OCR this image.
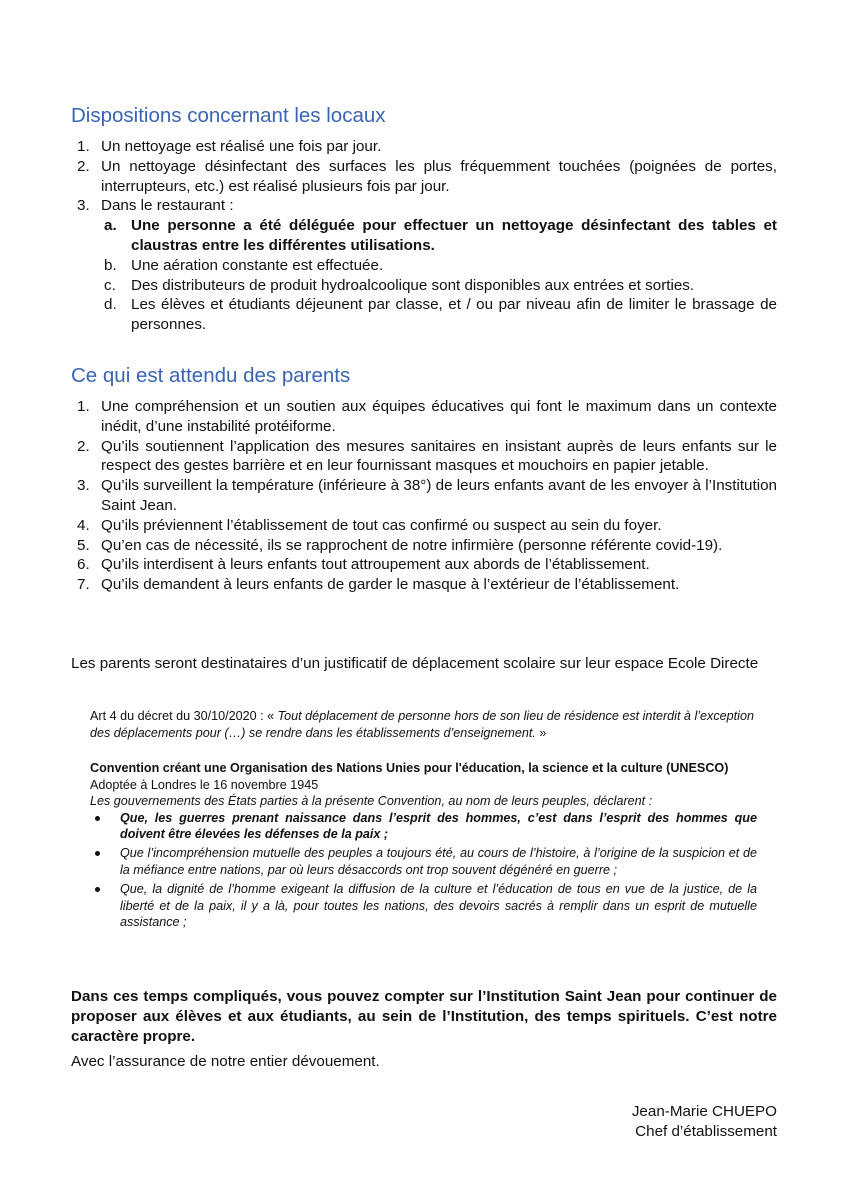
Dispositions concernant les locaux
1. Un nettoyage est réalisé une fois par jour.
2. Un nettoyage désinfectant des surfaces les plus fréquemment touchées (poignées de portes, interrupteurs, etc.) est réalisé plusieurs fois par jour.
3. Dans le restaurant :
a. Une personne a été déléguée pour effectuer un nettoyage désinfectant des tables et claustras entre les différentes utilisations.
b. Une aération constante est effectuée.
c. Des distributeurs de produit hydroalcoolique sont disponibles aux entrées et sorties.
d. Les élèves et étudiants déjeunent par classe, et / ou par niveau afin de limiter le brassage de personnes.
Ce qui est attendu des parents
1. Une compréhension et un soutien aux équipes éducatives qui font le maximum dans un contexte inédit, d’une instabilité protéiforme.
2. Qu’ils soutiennent l’application des mesures sanitaires en insistant auprès de leurs enfants sur le respect des gestes barrière et en leur fournissant masques et mouchoirs en papier jetable.
3. Qu’ils surveillent la température (inférieure à 38°) de leurs enfants avant de les envoyer à l’Institution Saint Jean.
4. Qu’ils préviennent l’établissement de tout cas confirmé ou suspect au sein du foyer.
5. Qu’en cas de nécessité, ils se rapprochent de notre infirmière (personne référente covid-19).
6. Qu’ils interdisent à leurs enfants tout attroupement aux abords de l’établissement.
7. Qu’ils demandent à leurs enfants de garder le masque à l’extérieur de l’établissement.
Les parents seront destinataires d’un justificatif de déplacement scolaire sur leur espace Ecole Directe
Art 4 du décret du 30/10/2020 : « Tout déplacement de personne hors de son lieu de résidence est interdit à l’exception des déplacements pour (…) se rendre dans les établissements d’enseignement. »
Convention créant une Organisation des Nations Unies pour l'éducation, la science et la culture (UNESCO)
Adoptée à Londres le 16 novembre 1945
Les gouvernements des États parties à la présente Convention, au nom de leurs peuples, déclarent :
Que, les guerres prenant naissance dans l’esprit des hommes, c’est dans l’esprit des hommes que doivent être élevées les défenses de la paix ;
Que l’incompréhension mutuelle des peuples a toujours été, au cours de l’histoire, à l’origine de la suspicion et de la méfiance entre nations, par où leurs désaccords ont trop souvent dégénéré en guerre ;
Que, la dignité de l’homme exigeant la diffusion de la culture et l’éducation de tous en vue de la justice, de la liberté et de la paix, il y a là, pour toutes les nations, des devoirs sacrés à remplir dans un esprit de mutuelle assistance ;
Dans ces temps compliqués, vous pouvez compter sur l’Institution Saint Jean pour continuer de proposer aux élèves et aux étudiants, au sein de l’Institution, des temps spirituels. C’est notre caractère propre.
Avec l’assurance de notre entier dévouement.
Jean-Marie CHUEPO
Chef d’établissement
